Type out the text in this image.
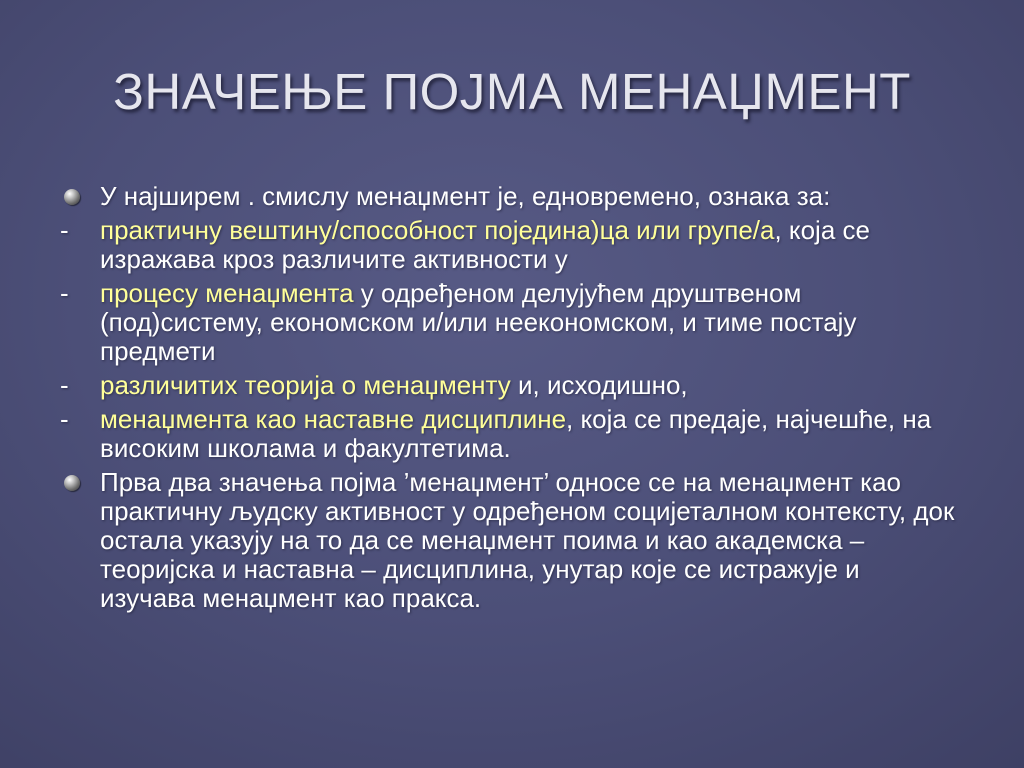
ЗНАЧЕЊЕ ПОЈМА МЕНАЏМЕНТ
У најширем . смислу менаџмент је, едновремено, ознака за:
-	практичну вештину/способност појединa)ца или групе/а, која се изражава кроз различите активности у
-	процесу менаџмента у одређеном делујућем друштвеном (под)систему, економском и/или неекономском, и тиме постају предмети
-	различитих теорија о менаџменту и, исходишно,
-	менаџмента као наставне дисциплине, која се предаје, најчешће, на високим школама и факултетима.
Прва два значења појма ’менаџмент’ односе се на менаџмент као практичну људску активност у одређеном социјеталном контексту, док остала указују на то да се менаџмент поима и као академска – теоријска и наставна – дисциплина, унутар које се истражује и изучава менаџмент као пракса.
